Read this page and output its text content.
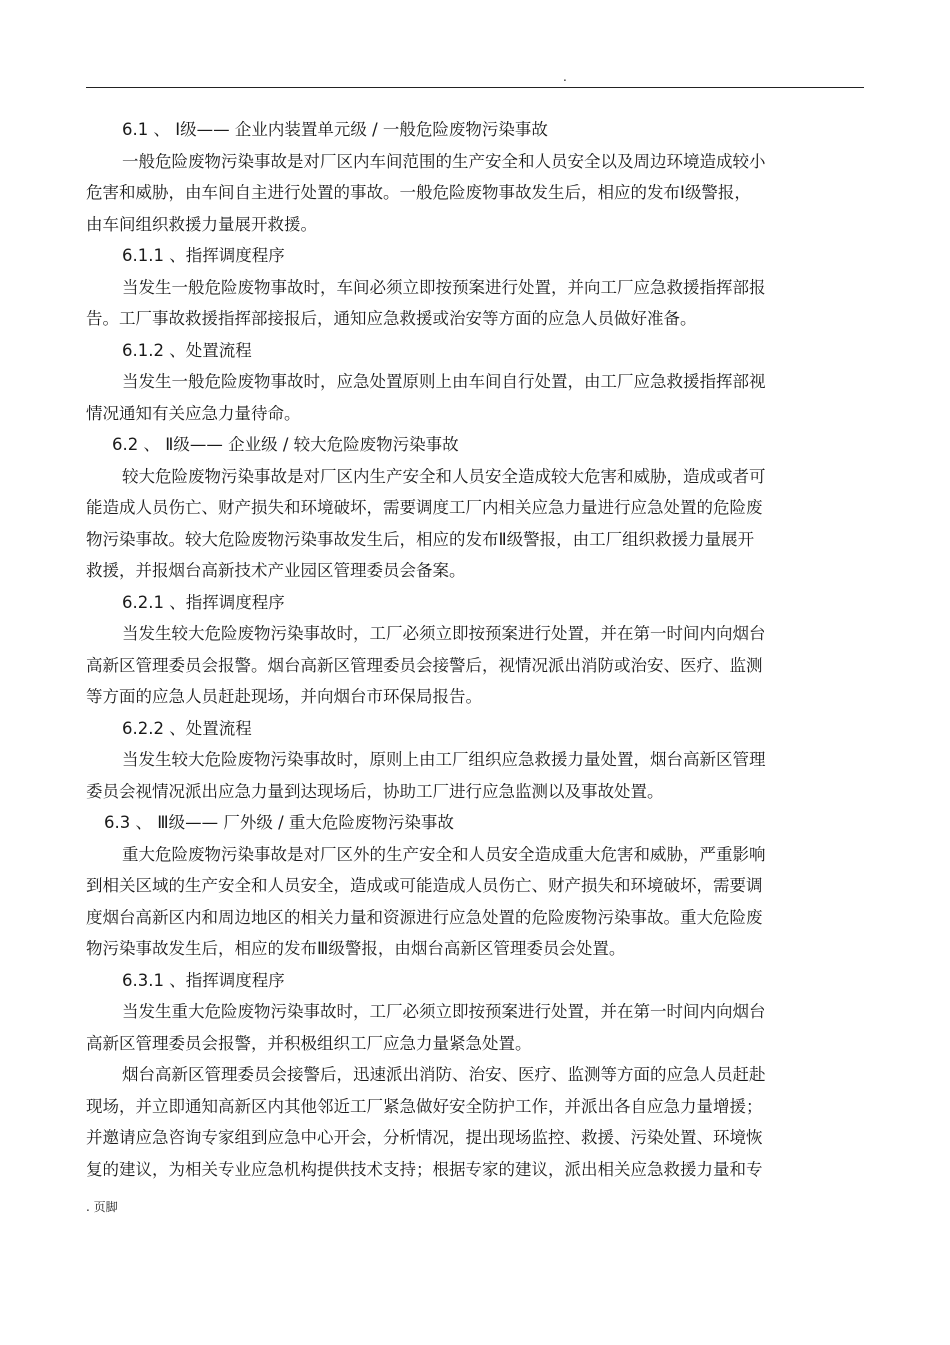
.
6.1 、 Ⅰ级—— 企业内装置单元级 / 一般危险废物污染事故
一般危险废物污染事故是对厂区内车间范围的生产安全和人员安全以及周边环境造成较小
危害和威胁，由车间自主进行处置的事故。一般危险废物事故发生后，相应的发布Ⅰ级警报，
由车间组织救援力量展开救援。
6.1.1 、指挥调度程序
当发生一般危险废物事故时，车间必须立即按预案进行处置，并向工厂应急救援指挥部报
告。工厂事故救援指挥部接报后，通知应急救援或治安等方面的应急人员做好准备。
6.1.2 、处置流程
当发生一般危险废物事故时，应急处置原则上由车间自行处置，由工厂应急救援指挥部视
情况通知有关应急力量待命。
6.2 、 Ⅱ级—— 企业级 / 较大危险废物污染事故
较大危险废物污染事故是对厂区内生产安全和人员安全造成较大危害和威胁，造成或者可
能造成人员伤亡、财产损失和环境破坏，需要调度工厂内相关应急力量进行应急处置的危险废
物污染事故。较大危险废物污染事故发生后，相应的发布Ⅱ级警报，由工厂组织救援力量展开
救援，并报烟台高新技术产业园区管理委员会备案。
6.2.1 、指挥调度程序
当发生较大危险废物污染事故时，工厂必须立即按预案进行处置，并在第一时间内向烟台
高新区管理委员会报警。烟台高新区管理委员会接警后，视情况派出消防或治安、医疗、监测
等方面的应急人员赶赴现场，并向烟台市环保局报告。
6.2.2 、处置流程
当发生较大危险废物污染事故时，原则上由工厂组织应急救援力量处置，烟台高新区管理
委员会视情况派出应急力量到达现场后，协助工厂进行应急监测以及事故处置。
6.3 、 Ⅲ级—— 厂外级 / 重大危险废物污染事故
重大危险废物污染事故是对厂区外的生产安全和人员安全造成重大危害和威胁，严重影响
到相关区域的生产安全和人员安全，造成或可能造成人员伤亡、财产损失和环境破坏，需要调
度烟台高新区内和周边地区的相关力量和资源进行应急处置的危险废物污染事故。重大危险废
物污染事故发生后，相应的发布Ⅲ级警报，由烟台高新区管理委员会处置。
6.3.1 、指挥调度程序
当发生重大危险废物污染事故时，工厂必须立即按预案进行处置，并在第一时间内向烟台
高新区管理委员会报警，并积极组织工厂应急力量紧急处置。
烟台高新区管理委员会接警后，迅速派出消防、治安、医疗、监测等方面的应急人员赶赴
现场，并立即通知高新区内其他邻近工厂紧急做好安全防护工作，并派出各自应急力量增援；
并邀请应急咨询专家组到应急中心开会，分析情况，提出现场监控、救援、污染处置、环境恢
复的建议，为相关专业应急机构提供技术支持；根据专家的建议，派出相关应急救援力量和专
. 页脚
